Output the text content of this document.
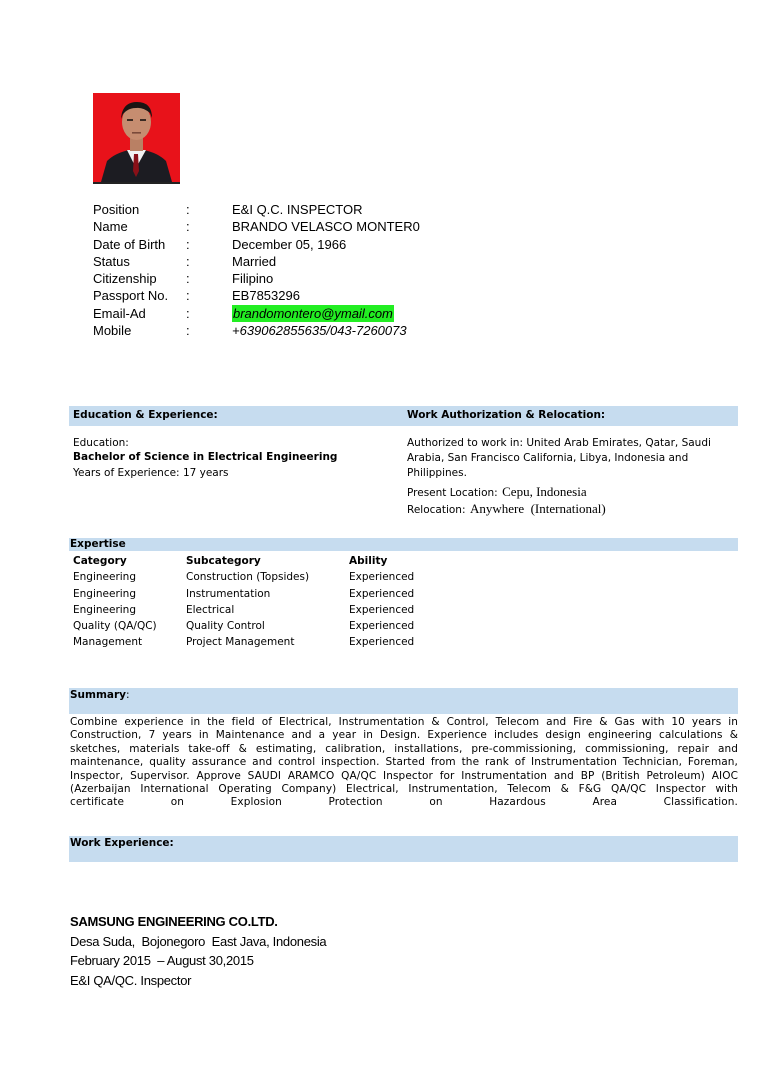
Position	:	E&I Q.C. INSPECTOR
Name	:	BRANDO VELASCO MONTER0
Date of Birth :	December 05, 1966
Status	:	Married
Citizenship :	Filipino
Passport No. :	EB7853296
Email-Ad	:	brandomontero@ymail.com
Mobile	:	+639062855635/043-7260073
Education & Experience:	Work Authorization & Relocation:
Education:
Bachelor of Science in Electrical Engineering
Years of Experience: 17 years
Authorized to work in: United Arab Emirates, Qatar, Saudi
Arabia, San Francisco California, Libya, Indonesia and
Philippines.
Present Location: Cepu, Indonesia
Relocation: Anywhere  (International)
Expertise
Category	Subcategory	Ability
Engineering	Construction (Topsides)	Experienced
Engineering	Instrumentation	Experienced
Engineering	Electrical	Experienced
Quality (QA/QC)	Quality Control	Experienced
Management	Project Management	Experienced
Summary:
Combine experience in the field of Electrical, Instrumentation & Control, Telecom and Fire & Gas with 10 years in
Construction, 7 years in Maintenance and a year in Design. Experience includes design engineering calculations &
sketches, materials take-off & estimating, calibration, installations, pre-commissioning, commissioning, repair and
maintenance, quality assurance and control inspection. Started from the rank of Instrumentation Technician, Foreman,
Inspector, Supervisor. Approve SAUDI ARAMCO QA/QC Inspector for Instrumentation and BP (British Petroleum) AIOC
(Azerbaijan International Operating Company) Electrical, Instrumentation, Telecom & F&G QA/QC Inspector with
certificate on Explosion Protection on Hazardous Area Classification.
Work Experience:
SAMSUNG ENGINEERING CO.LTD.
Desa Suda,  Bojonegoro  East Java, Indonesia
February 2015  – August 30,2015
E&I QA/QC. Inspector
